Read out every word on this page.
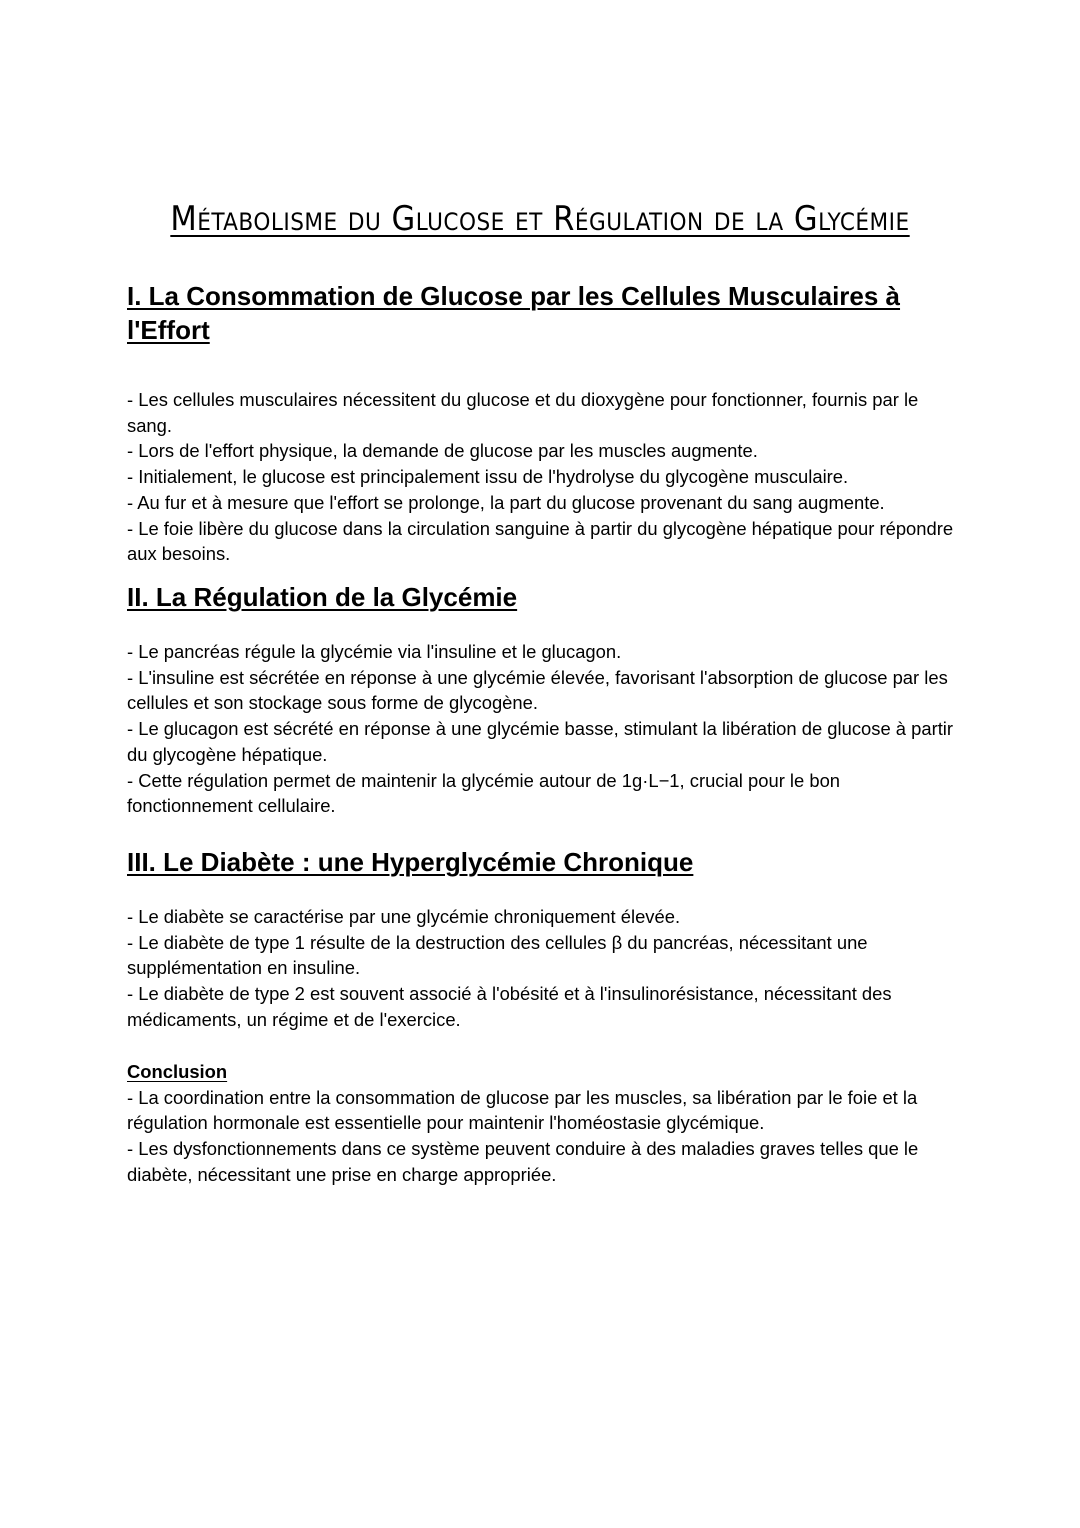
Métabolisme du Glucose et Régulation de la Glycémie
I. La Consommation de Glucose par les Cellules Musculaires à l'Effort
- Les cellules musculaires nécessitent du glucose et du dioxygène pour fonctionner, fournis par le sang.
- Lors de l'effort physique, la demande de glucose par les muscles augmente.
- Initialement, le glucose est principalement issu de l'hydrolyse du glycogène musculaire.
- Au fur et à mesure que l'effort se prolonge, la part du glucose provenant du sang augmente.
- Le foie libère du glucose dans la circulation sanguine à partir du glycogène hépatique pour répondre aux besoins.
II. La Régulation de la Glycémie
- Le pancréas régule la glycémie via l'insuline et le glucagon.
- L'insuline est sécrétée en réponse à une glycémie élevée, favorisant l'absorption de glucose par les cellules et son stockage sous forme de glycogène.
- Le glucagon est sécrété en réponse à une glycémie basse, stimulant la libération de glucose à partir du glycogène hépatique.
- Cette régulation permet de maintenir la glycémie autour de 1g·L−1, crucial pour le bon fonctionnement cellulaire.
III. Le Diabète : une Hyperglycémie Chronique
- Le diabète se caractérise par une glycémie chroniquement élevée.
- Le diabète de type 1 résulte de la destruction des cellules β du pancréas, nécessitant une supplémentation en insuline.
- Le diabète de type 2 est souvent associé à l'obésité et à l'insulinorésistance, nécessitant des médicaments, un régime et de l'exercice.
Conclusion
- La coordination entre la consommation de glucose par les muscles, sa libération par le foie et la régulation hormonale est essentielle pour maintenir l'homéostasie glycémique.
- Les dysfonctionnements dans ce système peuvent conduire à des maladies graves telles que le diabète, nécessitant une prise en charge appropriée.
